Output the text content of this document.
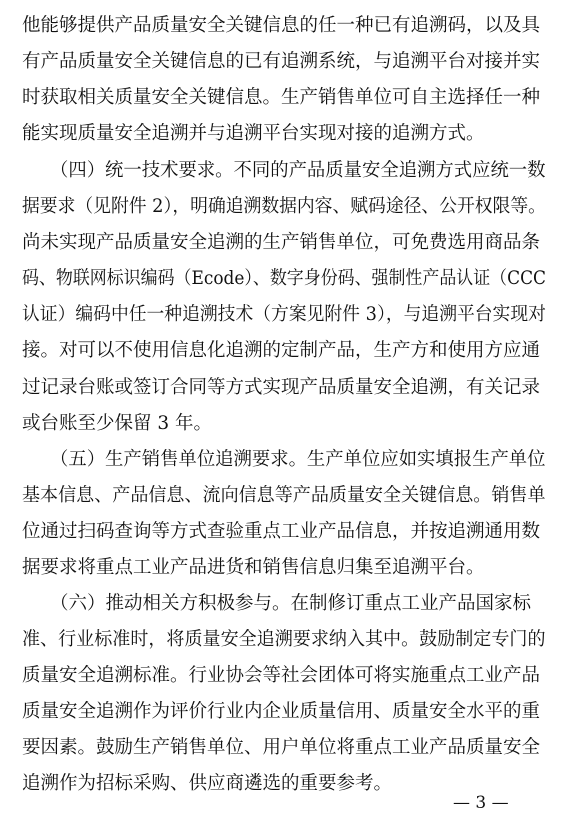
他能够提供产品质量安全关键信息的任一种已有追溯码，以及具
有产品质量安全关键信息的已有追溯系统，与追溯平台对接并实
时获取相关质量安全关键信息。生产销售单位可自主选择任一种
能实现质量安全追溯并与追溯平台实现对接的追溯方式。
（四）统一技术要求。不同的产品质量安全追溯方式应统一数
据要求（见附件 2），明确追溯数据内容、赋码途径、公开权限等。
尚未实现产品质量安全追溯的生产销售单位，可免费选用商品条
码、物联网标识编码（Ecode）、数字身份码、强制性产品认证（CCC
认证）编码中任一种追溯技术（方案见附件 3），与追溯平台实现对
接。对可以不使用信息化追溯的定制产品，生产方和使用方应通
过记录台账或签订合同等方式实现产品质量安全追溯，有关记录
或台账至少保留 3 年。
（五）生产销售单位追溯要求。生产单位应如实填报生产单位
基本信息、产品信息、流向信息等产品质量安全关键信息。销售单
位通过扫码查询等方式查验重点工业产品信息，并按追溯通用数
据要求将重点工业产品进货和销售信息归集至追溯平台。
（六）推动相关方积极参与。在制修订重点工业产品国家标
准、行业标准时，将质量安全追溯要求纳入其中。鼓励制定专门的
质量安全追溯标准。行业协会等社会团体可将实施重点工业产品
质量安全追溯作为评价行业内企业质量信用、质量安全水平的重
要因素。鼓励生产销售单位、用户单位将重点工业产品质量安全
追溯作为招标采购、供应商遴选的重要参考。
— 3 —
